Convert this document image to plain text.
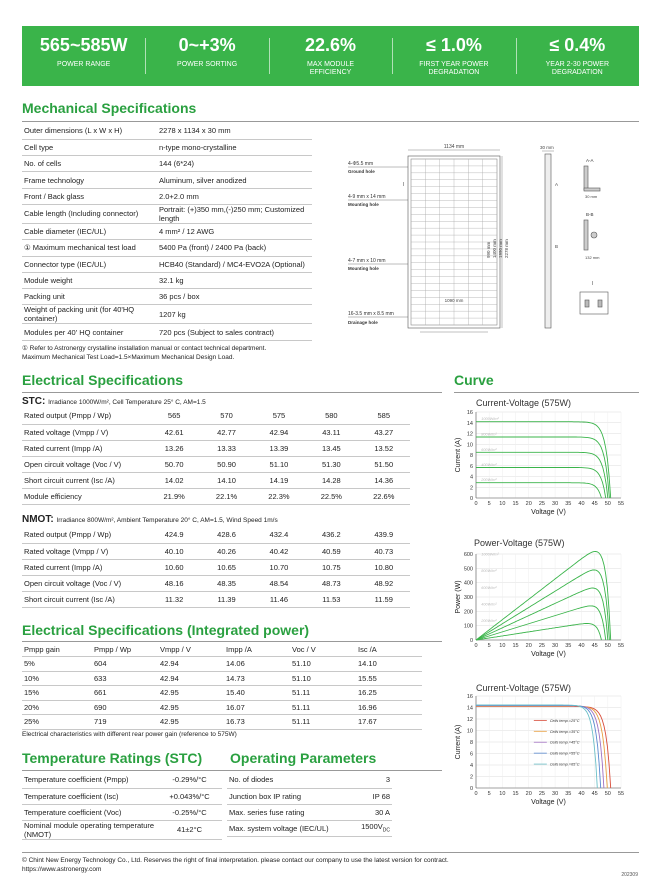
565~585W
POWER RANGE
0~+3%
POWER SORTING
22.6%
MAX MODULE EFFICIENCY
≤ 1.0%
FIRST YEAR POWER DEGRADATION
≤ 0.4%
YEAR 2-30 POWER DEGRADATION
Mechanical Specifications
Outer dimensions (L x W x H)	2278 x 1134 x 30 mm
Cell type	n-type mono-crystalline
No. of cells	144 (6*24)
Frame technology	Aluminum, silver anodized
Front / Back glass	2.0+2.0 mm
Cable length (Including connector)	Portrait: (+)350 mm,(-)250 mm; Customized length
Cable diameter (IEC/UL)	4 mm² / 12 AWG
① Maximum mechanical test load	5400 Pa (front) / 2400 Pa (back)
Connector type (IEC/UL)	HCB40 (Standard) / MC4-EVO2A (Optional)
Module weight	32.1 kg
Packing unit	36 pcs / box
Weight of packing unit (for 40'HQ container)	1207 kg
Modules per 40' HQ container	720 pcs (Subject to sales contract)
① Refer to Astronergy crystalline installation manual or contact technical department.
Maximum Mechanical Test Load=1.5×Maximum Mechanical Design Load.
1134 mm
2278 mm
1990 mm
1400 mm
990 mm
1090 mm
I
4-Φ5.5 mm
Ground hole
4-9 mm x 14 mm
Mounting hole
4-7 mm x 10 mm
Mounting hole
16-3.5 mm x 8.5 mm
Drainage hole
30 mm
A
B
A-A
30 mm
B-B
132 mm
I
Electrical Specifications
STC: Irradiance 1000W/m², Cell Temperature 25° C, AM=1.5
Rated output (Pmpp / Wp)	565	570	575	580	585
Rated voltage (Vmpp / V)	42.61	42.77	42.94	43.11	43.27
Rated current (Impp /A)	13.26	13.33	13.39	13.45	13.52
Open circuit voltage (Voc / V)	50.70	50.90	51.10	51.30	51.50
Short circuit current (Isc /A)	14.02	14.10	14.19	14.28	14.36
Module efficiency	21.9%	22.1%	22.3%	22.5%	22.6%
NMOT: Irradiance 800W/m², Ambient Temperature 20° C, AM=1.5, Wind Speed 1m/s
Rated output (Pmpp / Wp)	424.9	428.6	432.4	436.2	439.9
Rated voltage (Vmpp / V)	40.10	40.26	40.42	40.59	40.73
Rated current (Impp /A)	10.60	10.65	10.70	10.75	10.80
Open circuit voltage (Voc / V)	48.16	48.35	48.54	48.73	48.92
Short circuit current (Isc /A)	11.32	11.39	11.46	11.53	11.59
Electrical Specifications (Integrated power)
Pmpp gain	Pmpp / Wp	Vmpp / V	Impp /A	Voc / V	Isc /A
5%	604	42.94	14.06	51.10	14.10
10%	633	42.94	14.73	51.10	15.55
15%	661	42.95	15.40	51.11	16.25
20%	690	42.95	16.07	51.11	16.96
25%	719	42.95	16.73	51.11	17.67
Electrical characteristics with different rear power gain (reference to 575W)
Temperature Ratings (STC) Operating Parameters
Temperature coefficient (Pmpp)	-0.29%/°C
Temperature coefficient (Isc)	+0.043%/°C
Temperature coefficient (Voc)	-0.25%/°C
Nominal module operating temperature (NMOT)	41±2°C
No. of diodes	3
Junction box IP rating	IP 68
Max. series fuse rating	30 A
Max. system voltage (IEC/UL)	$1500V_{DC}$
Curve
Current-Voltage (575W)
0
2
4
6
8
10
12
14
16
0 5 10 15 20 25 30 35 40 45 50 55
Voltage (V)
Current (A)
1000W/m²
800W/m²
600W/m²
400W/m²
200W/m²
Power-Voltage (575W)
0
100
200
300
400
500
600
0 5 10 15 20 25 30 35 40 45 50 55
Voltage (V)
Power (W)
1000W/m²
800W/m²
600W/m²
400W/m²
200W/m²
Current-Voltage (575W)
0
2
4
6
8
10
12
14
16
0 5 10 15 20 25 30 35 40 45 50 55
Voltage (V)
Current (A)
Cells temp.=25°C
Cells temp.=35°C
Cells temp.=45°C
Cells temp.=55°C
Cells temp.=65°C
© Chint New Energy Technology Co., Ltd. Reserves the right of final interpretation. please contact our company to use the latest version for contract.
https://www.astronergy.com
202309
